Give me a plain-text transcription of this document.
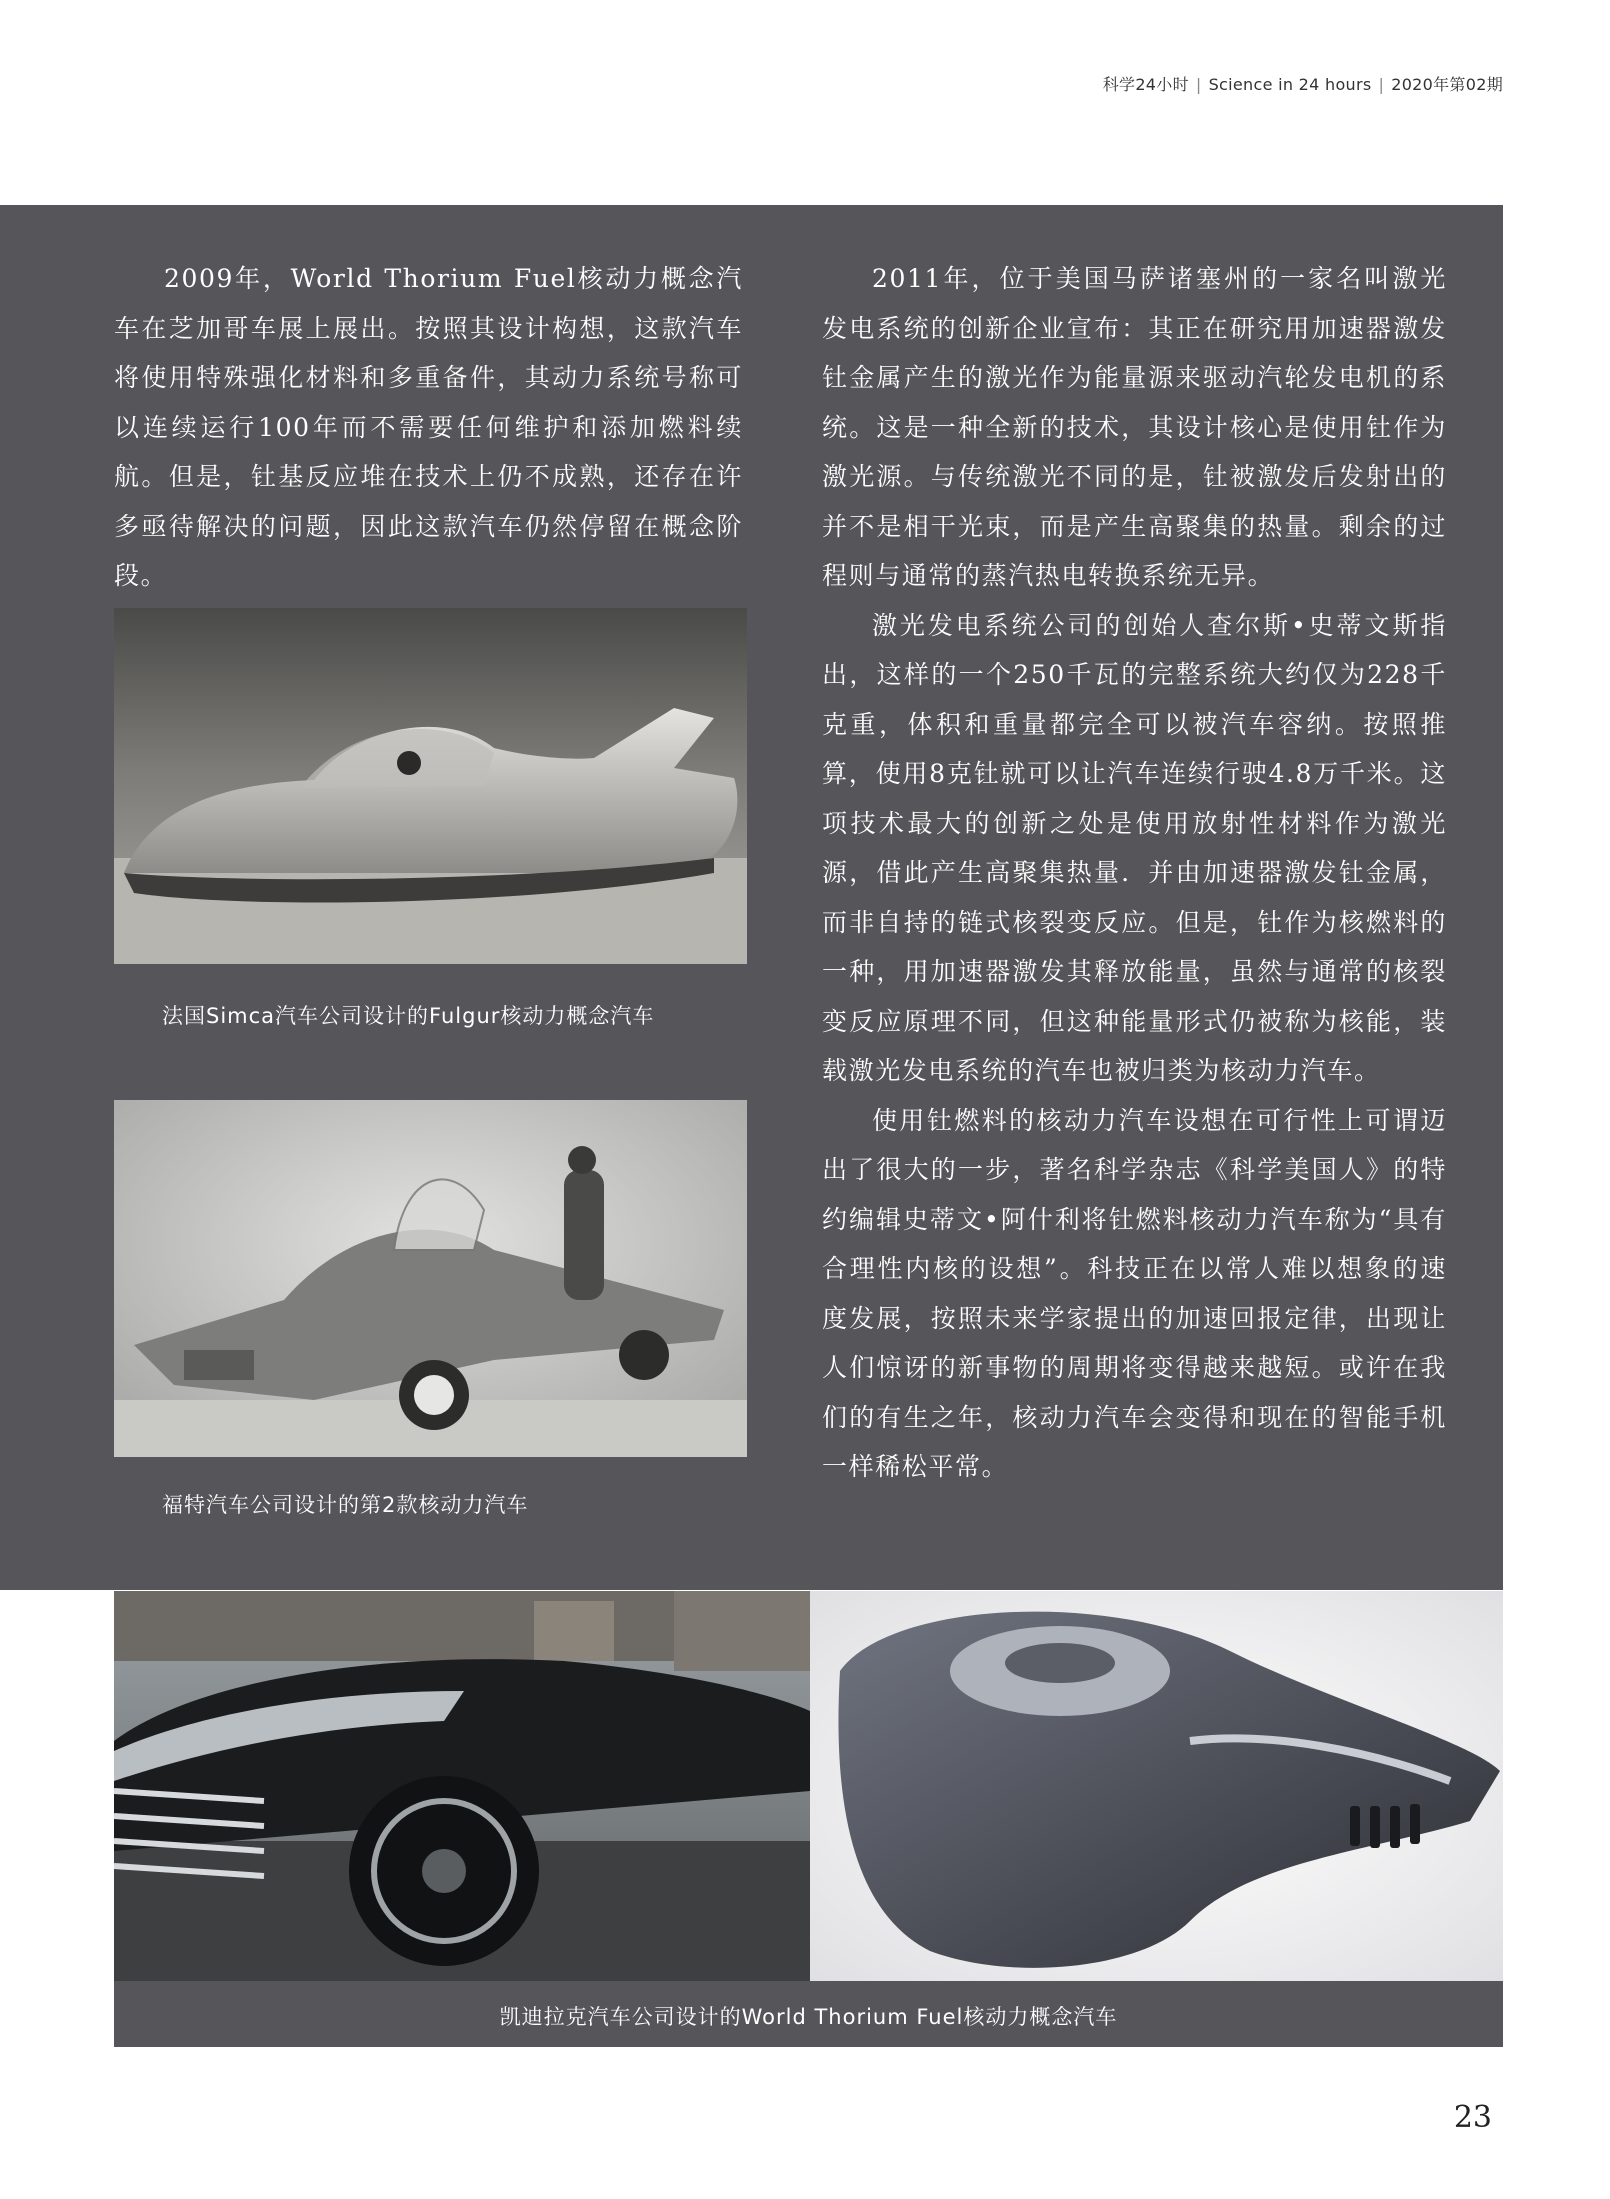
科学24小时 | Science in 24 hours | 2020年第02期

2009年，World Thorium Fuel核动力概念汽车在芝加哥车展上展出。按照其设计构想，这款汽车将使用特殊强化材料和多重备件，其动力系统号称可以连续运行100年而不需要任何维护和添加燃料续航。但是，钍基反应堆在技术上仍不成熟，还存在许多亟待解决的问题，因此这款汽车仍然停留在概念阶段。

2011年，位于美国马萨诸塞州的一家名叫激光发电系统的创新企业宣布：其正在研究用加速器激发钍金属产生的激光作为能量源来驱动汽轮发电机的系统。这是一种全新的技术，其设计核心是使用钍作为激光源。与传统激光不同的是，钍被激发后发射出的并不是相干光束，而是产生高聚集的热量。剩余的过程则与通常的蒸汽热电转换系统无异。

激光发电系统公司的创始人查尔斯•史蒂文斯指出，这样的一个250千瓦的完整系统大约仅为228千克重，体积和重量都完全可以被汽车容纳。按照推算，使用8克钍就可以让汽车连续行驶4.8万千米。这项技术最大的创新之处是使用放射性材料作为激光源，借此产生高聚集热量．并由加速器激发钍金属，而非自持的链式核裂变反应。但是，钍作为核燃料的一种，用加速器激发其释放能量，虽然与通常的核裂变反应原理不同，但这种能量形式仍被称为核能，装载激光发电系统的汽车也被归类为核动力汽车。

使用钍燃料的核动力汽车设想在可行性上可谓迈出了很大的一步，著名科学杂志《科学美国人》的特约编辑史蒂文•阿什利将钍燃料核动力汽车称为“具有合理性内核的设想”。科技正在以常人难以想象的速度发展，按照未来学家提出的加速回报定律，出现让人们惊讶的新事物的周期将变得越来越短。或许在我们的有生之年，核动力汽车会变得和现在的智能手机一样稀松平常。

法国Simca汽车公司设计的Fulgur核动力概念汽车
福特汽车公司设计的第2款核动力汽车
凯迪拉克汽车公司设计的World Thorium Fuel核动力概念汽车
23
